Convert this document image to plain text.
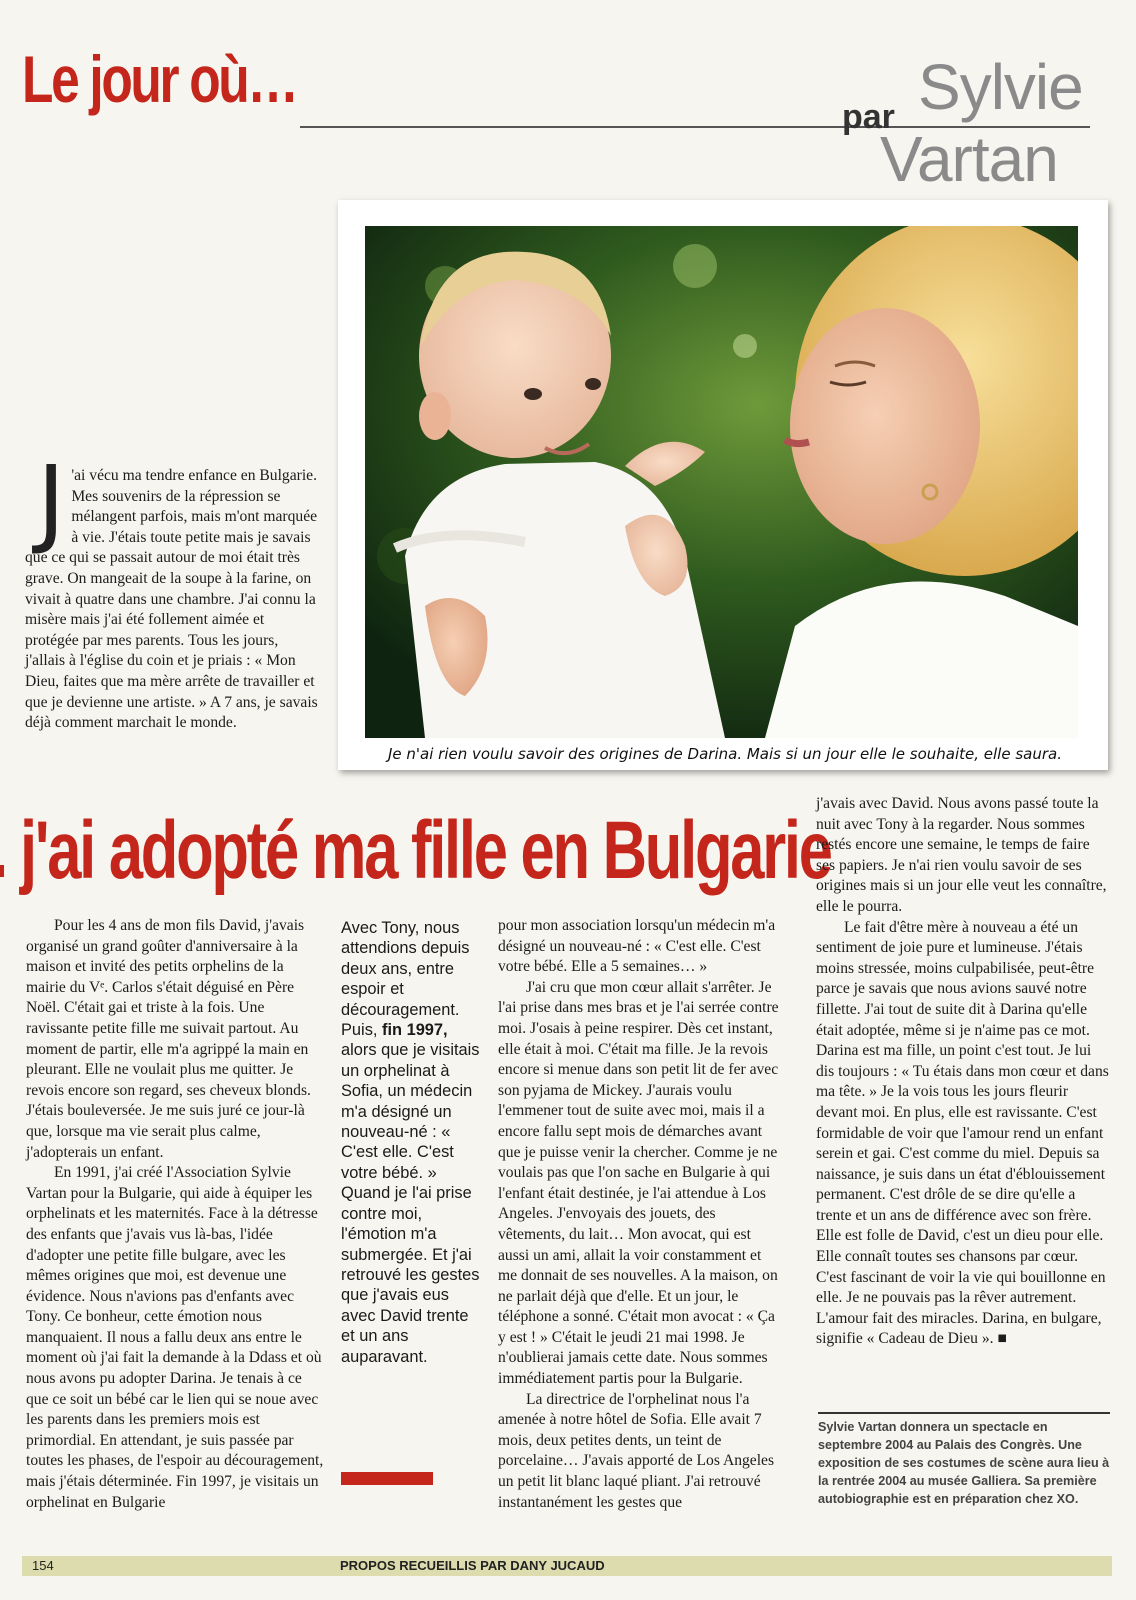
Le jour où…
par Sylvie
Vartan
Je n'ai rien voulu savoir des origines de Darina. Mais si un jour elle le souhaite, elle saura.
J 'ai vécu ma tendre enfance en Bulgarie. Mes souvenirs de la répression se mélangent parfois, mais m'ont marquée à vie. J'étais toute petite mais je savais que ce qui se passait autour de moi était très grave. On mangeait de la soupe à la farine, on vivait à quatre dans une chambre. J'ai connu la misère mais j'ai été follement aimée et protégée par mes parents. Tous les jours, j'allais à l'église du coin et je priais : « Mon Dieu, faites que ma mère arrête de travailler et que je devienne une artiste. » A 7 ans, je savais déjà comment marchait le monde.
j'ai adopté ma fille en Bulgarie

Pour les 4 ans de mon fils David, j'avais organisé un grand goûter d'anniversaire à la maison et invité des petits orphelins de la mairie du Vᵉ. Carlos s'était déguisé en Père Noël. C'était gai et triste à la fois. Une ravissante petite fille me suivait partout. Au moment de partir, elle m'a agrippé la main en pleurant. Elle ne voulait plus me quitter. Je revois encore son regard, ses cheveux blonds. J'étais bouleversée. Je me suis juré ce jour-là que, lorsque ma vie serait plus calme, j'adopterais un enfant.

En 1991, j'ai créé l'Association Sylvie Vartan pour la Bulgarie, qui aide à équiper les orphelinats et les maternités. Face à la détresse des enfants que j'avais vus là-bas, l'idée d'adopter une petite fille bulgare, avec les mêmes origines que moi, est devenue une évidence. Nous n'avions pas d'enfants avec Tony. Ce bonheur, cette émotion nous manquaient. Il nous a fallu deux ans entre le moment où j'ai fait la demande à la Ddass et où nous avons pu adopter Darina. Je tenais à ce que ce soit un bébé car le lien qui se noue avec les parents dans les premiers mois est primordial. En attendant, je suis passée par toutes les phases, de l'espoir au découragement, mais j'étais déterminée. Fin 1997, je visitais un orphelinat en Bulgarie

Avec Tony, nous attendions depuis deux ans, entre espoir et découragement. Puis, fin 1997, alors que je visitais un orphelinat à Sofia, un médecin m'a désigné un nouveau-né : « C'est elle. C'est votre bébé. » Quand je l'ai prise contre moi, l'émotion m'a submergée. Et j'ai retrouvé les gestes que j'avais eus avec David trente et un ans auparavant.

pour mon association lorsqu'un médecin m'a désigné un nouveau-né : « C'est elle. C'est votre bébé. Elle a 5 semaines… »

J'ai cru que mon cœur allait s'arrêter. Je l'ai prise dans mes bras et je l'ai serrée contre moi. J'osais à peine respirer. Dès cet instant, elle était à moi. C'était ma fille. Je la revois encore si menue dans son petit lit de fer avec son pyjama de Mickey. J'aurais voulu l'emmener tout de suite avec moi, mais il a encore fallu sept mois de démarches avant que je puisse venir la chercher. Comme je ne voulais pas que l'on sache en Bulgarie à qui l'enfant était destinée, je l'ai attendue à Los Angeles. J'envoyais des jouets, des vêtements, du lait… Mon avocat, qui est aussi un ami, allait la voir constamment et me donnait de ses nouvelles. A la maison, on ne parlait déjà que d'elle. Et un jour, le téléphone a sonné. C'était mon avocat : « Ça y est ! » C'était le jeudi 21 mai 1998. Je n'oublierai jamais cette date. Nous sommes immédiatement partis pour la Bulgarie.

La directrice de l'orphelinat nous l'a amenée à notre hôtel de Sofia. Elle avait 7 mois, deux petites dents, un teint de porcelaine… J'avais apporté de Los Angeles un petit lit blanc laqué pliant. J'ai retrouvé instantanément les gestes que

j'avais avec David. Nous avons passé toute la nuit avec Tony à la regarder. Nous sommes restés encore une semaine, le temps de faire ses papiers. Je n'ai rien voulu savoir de ses origines mais si un jour elle veut les connaître, elle le pourra.

Le fait d'être mère à nouveau a été un sentiment de joie pure et lumineuse. J'étais moins stressée, moins culpabilisée, peut-être parce je savais que nous avions sauvé notre fillette. J'ai tout de suite dit à Darina qu'elle était adoptée, même si je n'aime pas ce mot. Darina est ma fille, un point c'est tout. Je lui dis toujours : « Tu étais dans mon cœur et dans ma tête. » Je la vois tous les jours fleurir devant moi. En plus, elle est ravissante. C'est formidable de voir que l'amour rend un enfant serein et gai. C'est comme du miel. Depuis sa naissance, je suis dans un état d'éblouissement permanent. C'est drôle de se dire qu'elle a trente et un ans de différence avec son frère. Elle est folle de David, c'est un dieu pour elle. Elle connaît toutes ses chansons par cœur. C'est fascinant de voir la vie qui bouillonne en elle. Je ne pouvais pas la rêver autrement. L'amour fait des miracles. Darina, en bulgare, signifie « Cadeau de Dieu ». ■

Sylvie Vartan donnera un spectacle en septembre 2004 au Palais des Congrès. Une exposition de ses costumes de scène aura lieu à la rentrée 2004 au musée Galliera. Sa première autobiographie est en préparation chez XO.
154	PROPOS RECUEILLIS PAR DANY JUCAUD
